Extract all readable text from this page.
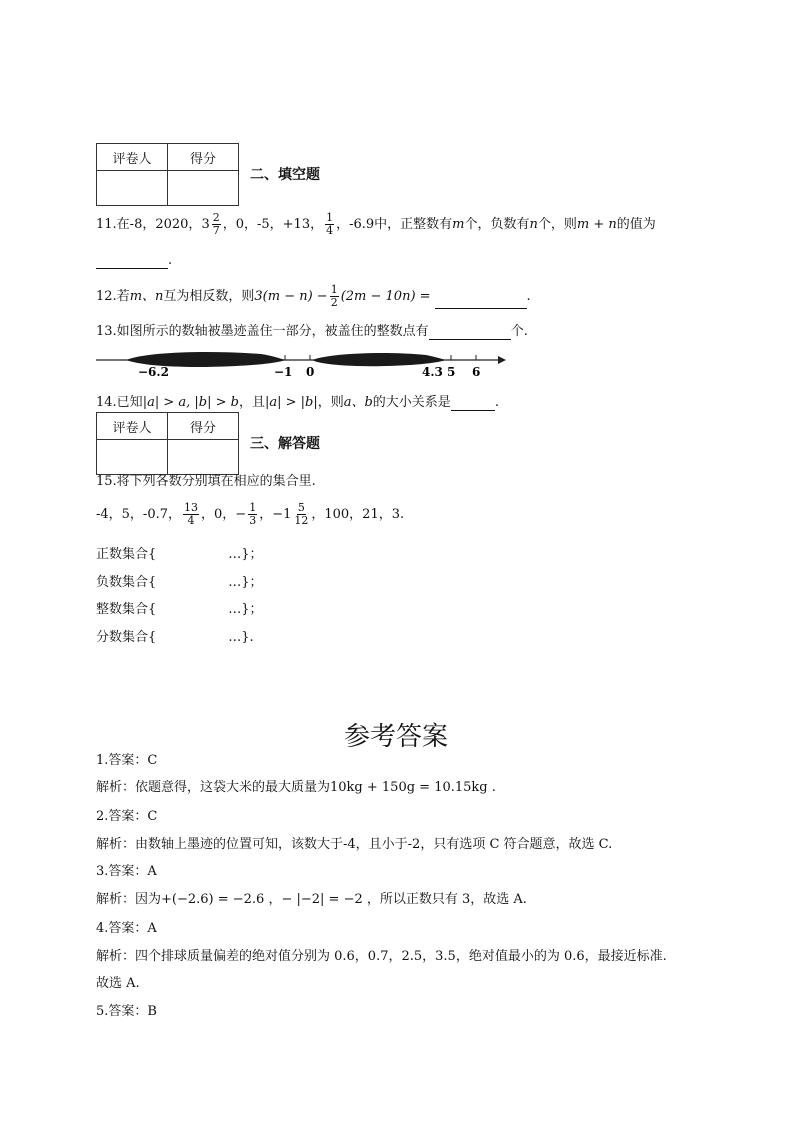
评卷人	得分

二、填空题
11.在-8，2020， $3 \frac{2}{7}$ ，0，-5，+13， $\frac{1}{4}$ ，-6.9中，正整数有m个，负数有n个，则m + n的值为
.
12.若m、n互为相反数，则$3(m - n) - \frac{1}{2} (2m - 10n)$ =	.
13.如图所示的数轴被墨迹盖住一部分，被盖住的整数点有	个.
−6.2	−1 0	4.3 5 6
14.已知|a| > a, |b| > b，且|a| > |b|，则a、b的大小关系是	.
评卷人	得分

三、解答题
15.将下列各数分别填在相应的集合里.
-4，5，-0.7， $\frac{13}{4}$ ，0，− $\frac{1}{3}$ ，$-1 \frac{5}{12}$ ，100，21，3.
正数集合{	…}；
负数集合{	…}；
整数集合{	…}；
分数集合{	…}.
参考答案
1.答案：C
解析：依题意得，这袋大米的最大质量为10kg + 150g = 10.15kg .
2.答案：C
解析：由数轴上墨迹的位置可知，该数大于-4，且小于-2，只有选项 C 符合题意，故选 C.
3.答案：A
解析：因为+(−2.6) = −2.6 ，− |−2| = −2 ，所以正数只有 3，故选 A.
4.答案：A
解析：四个排球质量偏差的绝对值分别为 0.6，0.7，2.5，3.5，绝对值最小的为 0.6，最接近标准.
故选 A.
5.答案：B
